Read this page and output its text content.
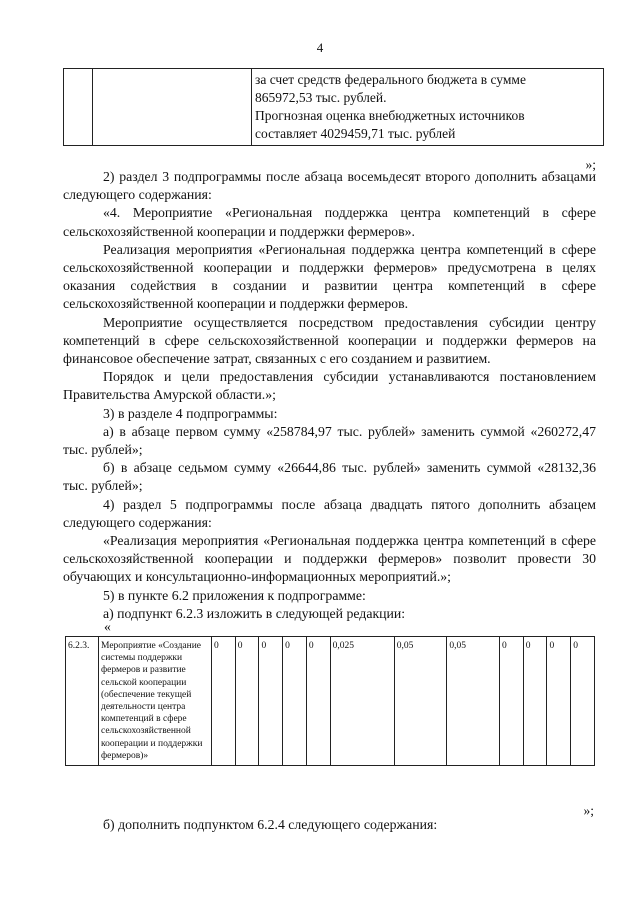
4

за счет средств федерального бюджета в сумме
865972,53 тыс. рублей.
Прогнозная оценка внебюджетных источников
составляет 4029459,71 тыс. рублей
»;

2) раздел 3 подпрограммы после абзаца восемьдесят второго дополнить абзацами следующего содержания:

«4. Мероприятие «Региональная поддержка центра компетенций в сфере сельскохозяйственной кооперации и поддержки фермеров».

Реализация мероприятия «Региональная поддержка центра компетенций в сфере сельскохозяйственной кооперации и поддержки фермеров» предусмотрена в целях оказания содействия в создании и развитии центра компетенций в сфере сельскохозяйственной кооперации и поддержки фермеров.

Мероприятие осуществляется посредством предоставления субсидии центру компетенций в сфере сельскохозяйственной кооперации и поддержки фермеров на финансовое обеспечение затрат, связанных с его созданием и развитием.

Порядок и цели предоставления субсидии устанавливаются постановлением Правительства Амурской области.»;

3) в разделе 4 подпрограммы:

а) в абзаце первом сумму «258784,97 тыс. рублей» заменить суммой «260272,47 тыс. рублей»;

б) в абзаце седьмом сумму «26644,86 тыс. рублей» заменить суммой «28132,36 тыс. рублей»;

4) раздел 5 подпрограммы после абзаца двадцать пятого дополнить абзацем следующего содержания:

«Реализация мероприятия «Региональная поддержка центра компетенций в сфере сельскохозяйственной кооперации и поддержки фермеров» позволит провести 30 обучающих и консультационно-информационных мероприятий.»;

5) в пункте 6.2 приложения к подпрограмме:

а) подпункт 6.2.3 изложить в следующей редакции:

«
6.2.3.	Мероприятие «Создание системы поддержки фермеров и развитие сельской кооперации (обеспечение текущей деятельности центра компетенций в сфере сельскохозяйственной кооперации и поддержки фермеров)»	0	0	0	0	0	0,025	0,05	0,05	0	0	0	0
»;
б) дополнить подпунктом 6.2.4 следующего содержания:
